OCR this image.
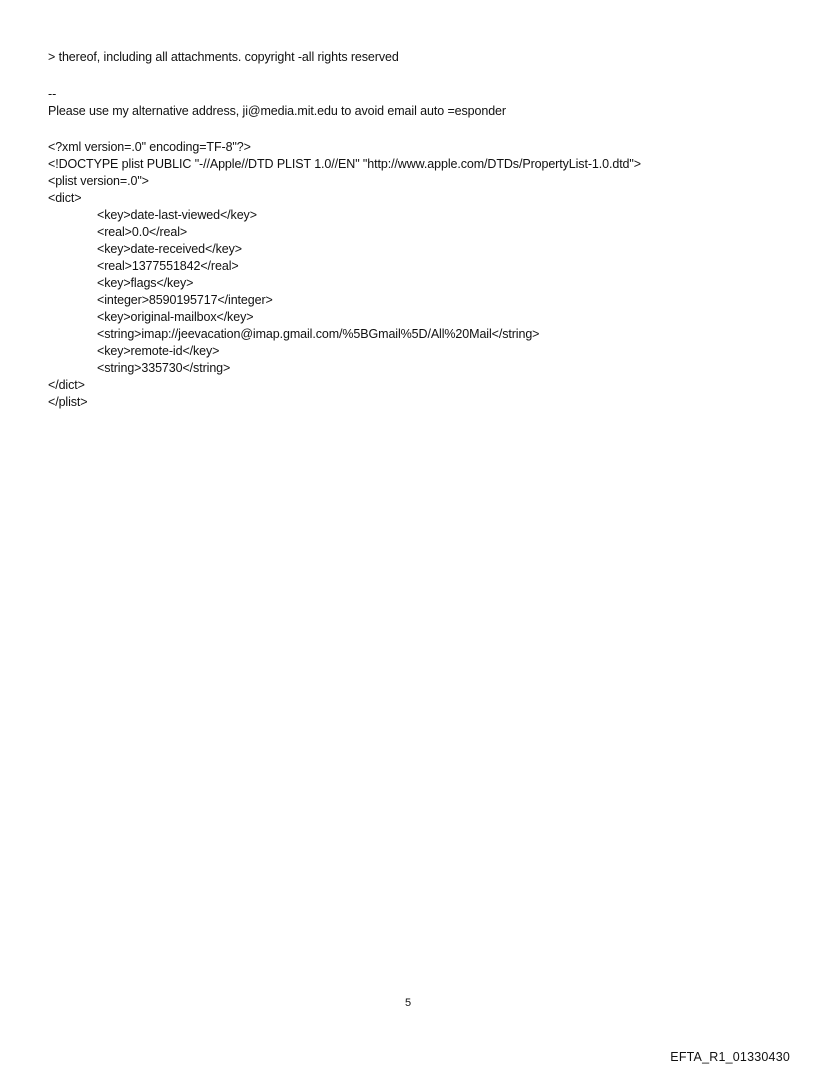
> thereof, including all attachments. copyright -all rights reserved
--
Please use my alternative address, ji@media.mit.edu to avoid email auto =esponder
<?xml version=.0" encoding=TF-8"?>
<!DOCTYPE plist PUBLIC "-//Apple//DTD PLIST 1.0//EN" "http://www.apple.com/DTDs/PropertyList-1.0.dtd">
<plist version=.0">
<dict>
<key>date-last-viewed</key>
<real>0.0</real>
<key>date-received</key>
<real>1377551842</real>
<key>flags</key>
<integer>8590195717</integer>
<key>original-mailbox</key>
<string>imap://jeevacation@imap.gmail.com/%5BGmail%5D/All%20Mail</string>
<key>remote-id</key>
<string>335730</string>
</dict>
</plist>
5
EFTA_R1_01330430
